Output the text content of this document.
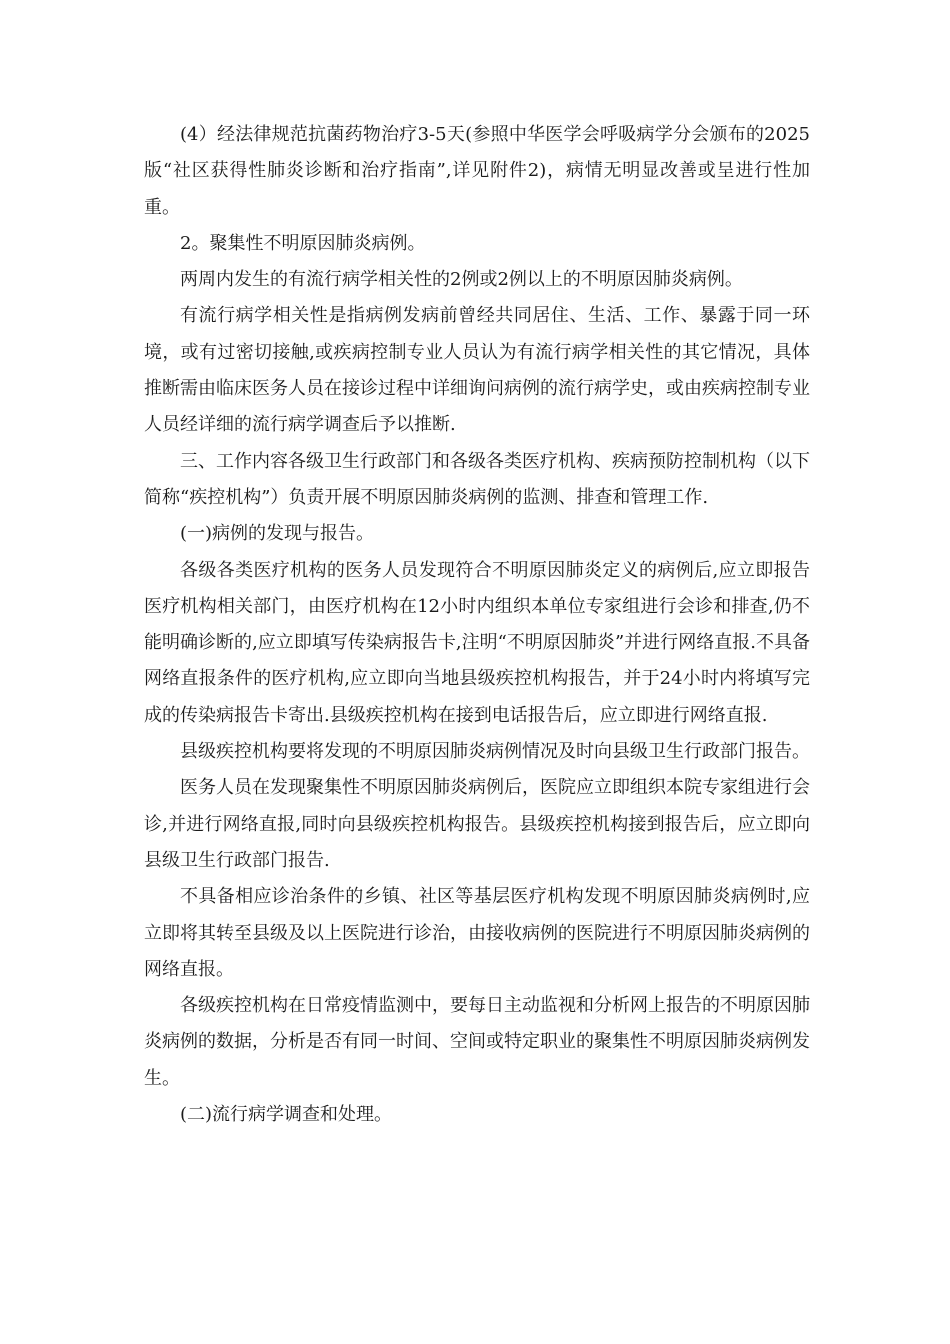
(4）经法律规范抗菌药物治疗3-5天(参照中华医学会呼吸病学分会颁布的2025版“社区获得性肺炎诊断和治疗指南”,详见附件2)，病情无明显改善或呈进行性加重。

2。聚集性不明原因肺炎病例。

两周内发生的有流行病学相关性的2例或2例以上的不明原因肺炎病例。

有流行病学相关性是指病例发病前曾经共同居住、生活、工作、暴露于同一环境，或有过密切接触,或疾病控制专业人员认为有流行病学相关性的其它情况，具体推断需由临床医务人员在接诊过程中详细询问病例的流行病学史，或由疾病控制专业人员经详细的流行病学调查后予以推断.

三、工作内容各级卫生行政部门和各级各类医疗机构、疾病预防控制机构（以下简称“疾控机构”）负责开展不明原因肺炎病例的监测、排查和管理工作.

(一)病例的发现与报告。

各级各类医疗机构的医务人员发现符合不明原因肺炎定义的病例后,应立即报告医疗机构相关部门，由医疗机构在12小时内组织本单位专家组进行会诊和排查,仍不能明确诊断的,应立即填写传染病报告卡,注明“不明原因肺炎”并进行网络直报.不具备网络直报条件的医疗机构,应立即向当地县级疾控机构报告，并于24小时内将填写完成的传染病报告卡寄出.县级疾控机构在接到电话报告后，应立即进行网络直报.

县级疾控机构要将发现的不明原因肺炎病例情况及时向县级卫生行政部门报告。

医务人员在发现聚集性不明原因肺炎病例后，医院应立即组织本院专家组进行会诊,并进行网络直报,同时向县级疾控机构报告。县级疾控机构接到报告后，应立即向县级卫生行政部门报告.

不具备相应诊治条件的乡镇、社区等基层医疗机构发现不明原因肺炎病例时,应立即将其转至县级及以上医院进行诊治，由接收病例的医院进行不明原因肺炎病例的网络直报。

各级疾控机构在日常疫情监测中，要每日主动监视和分析网上报告的不明原因肺炎病例的数据，分析是否有同一时间、空间或特定职业的聚集性不明原因肺炎病例发生。

(二)流行病学调查和处理。
